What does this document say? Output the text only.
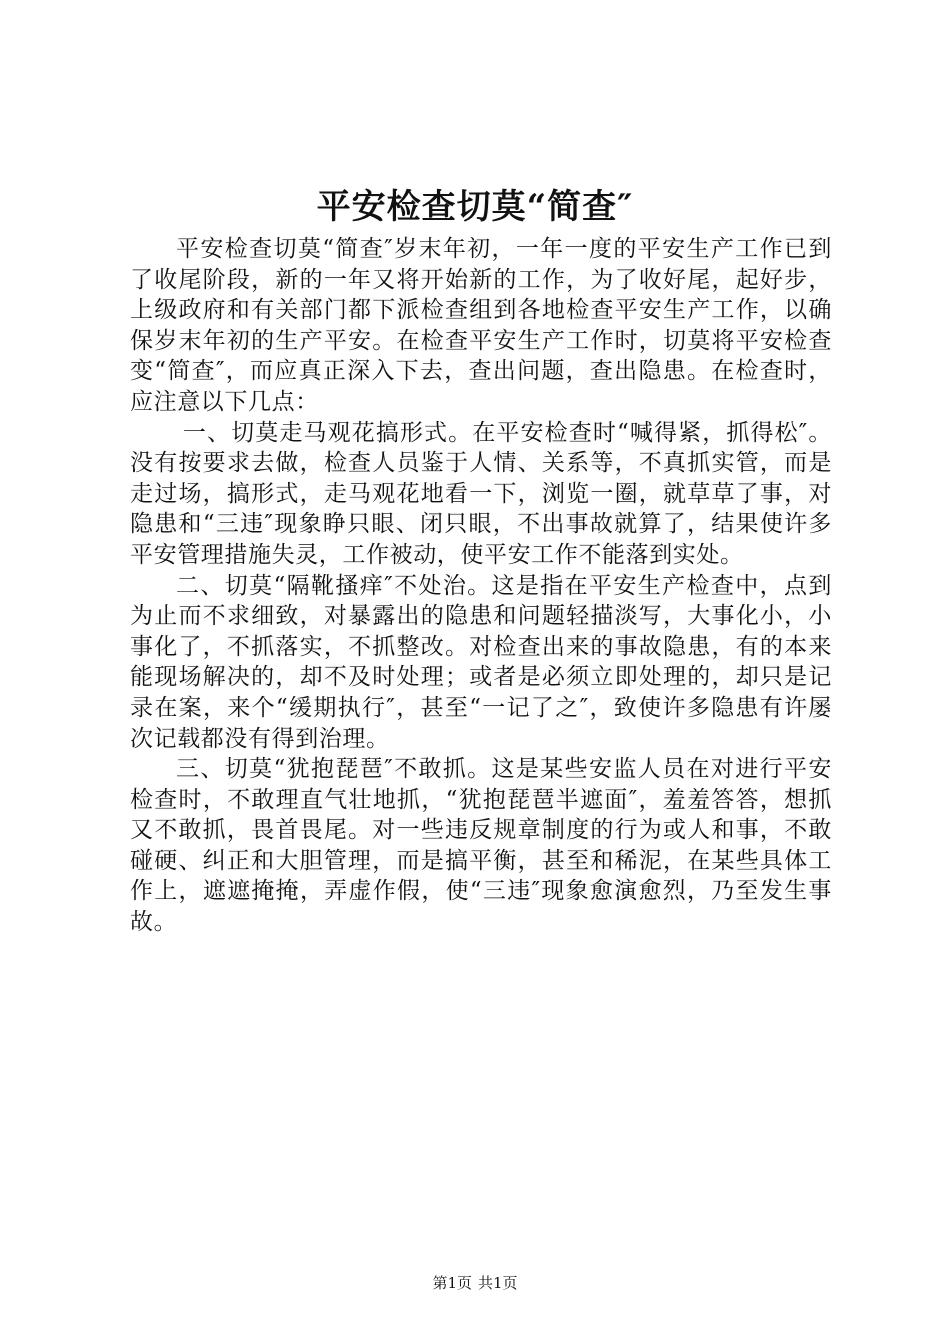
平安检查切莫“简查″

平安检查切莫“简查″岁末年初，一年一度的平安生产工作已到了收尾阶段，新的一年又将开始新的工作，为了收好尾，起好步，上级政府和有关部门都下派检查组到各地检查平安生产工作，以确保岁末年初的生产平安。在检查平安生产工作时，切莫将平安检查变“简查″，而应真正深入下去，查出问题，查出隐患。在检查时，应注意以下几点：

一、切莫走马观花搞形式。在平安检查时“喊得紧，抓得松″。没有按要求去做，检查人员鉴于人情、关系等，不真抓实管，而是走过场，搞形式，走马观花地看一下，浏览一圈，就草草了事，对隐患和“三违″现象睁只眼、闭只眼，不出事故就算了，结果使许多平安管理措施失灵，工作被动，使平安工作不能落到实处。

二、切莫“隔靴搔痒″不处治。这是指在平安生产检查中，点到为止而不求细致，对暴露出的隐患和问题轻描淡写，大事化小，小事化了，不抓落实，不抓整改。对检查出来的事故隐患，有的本来能现场解决的，却不及时处理；或者是必须立即处理的，却只是记录在案，来个“缓期执行″，甚至“一记了之″，致使许多隐患有许屡次记载都没有得到治理。

三、切莫“犹抱琵琶″不敢抓。这是某些安监人员在对进行平安检查时，不敢理直气壮地抓，“犹抱琵琶半遮面″，羞羞答答，想抓又不敢抓，畏首畏尾。对一些违反规章制度的行为或人和事，不敢碰硬、纠正和大胆管理，而是搞平衡，甚至和稀泥，在某些具体工作上，遮遮掩掩，弄虚作假，使“三违″现象愈演愈烈，乃至发生事故。

第1页 共1页
